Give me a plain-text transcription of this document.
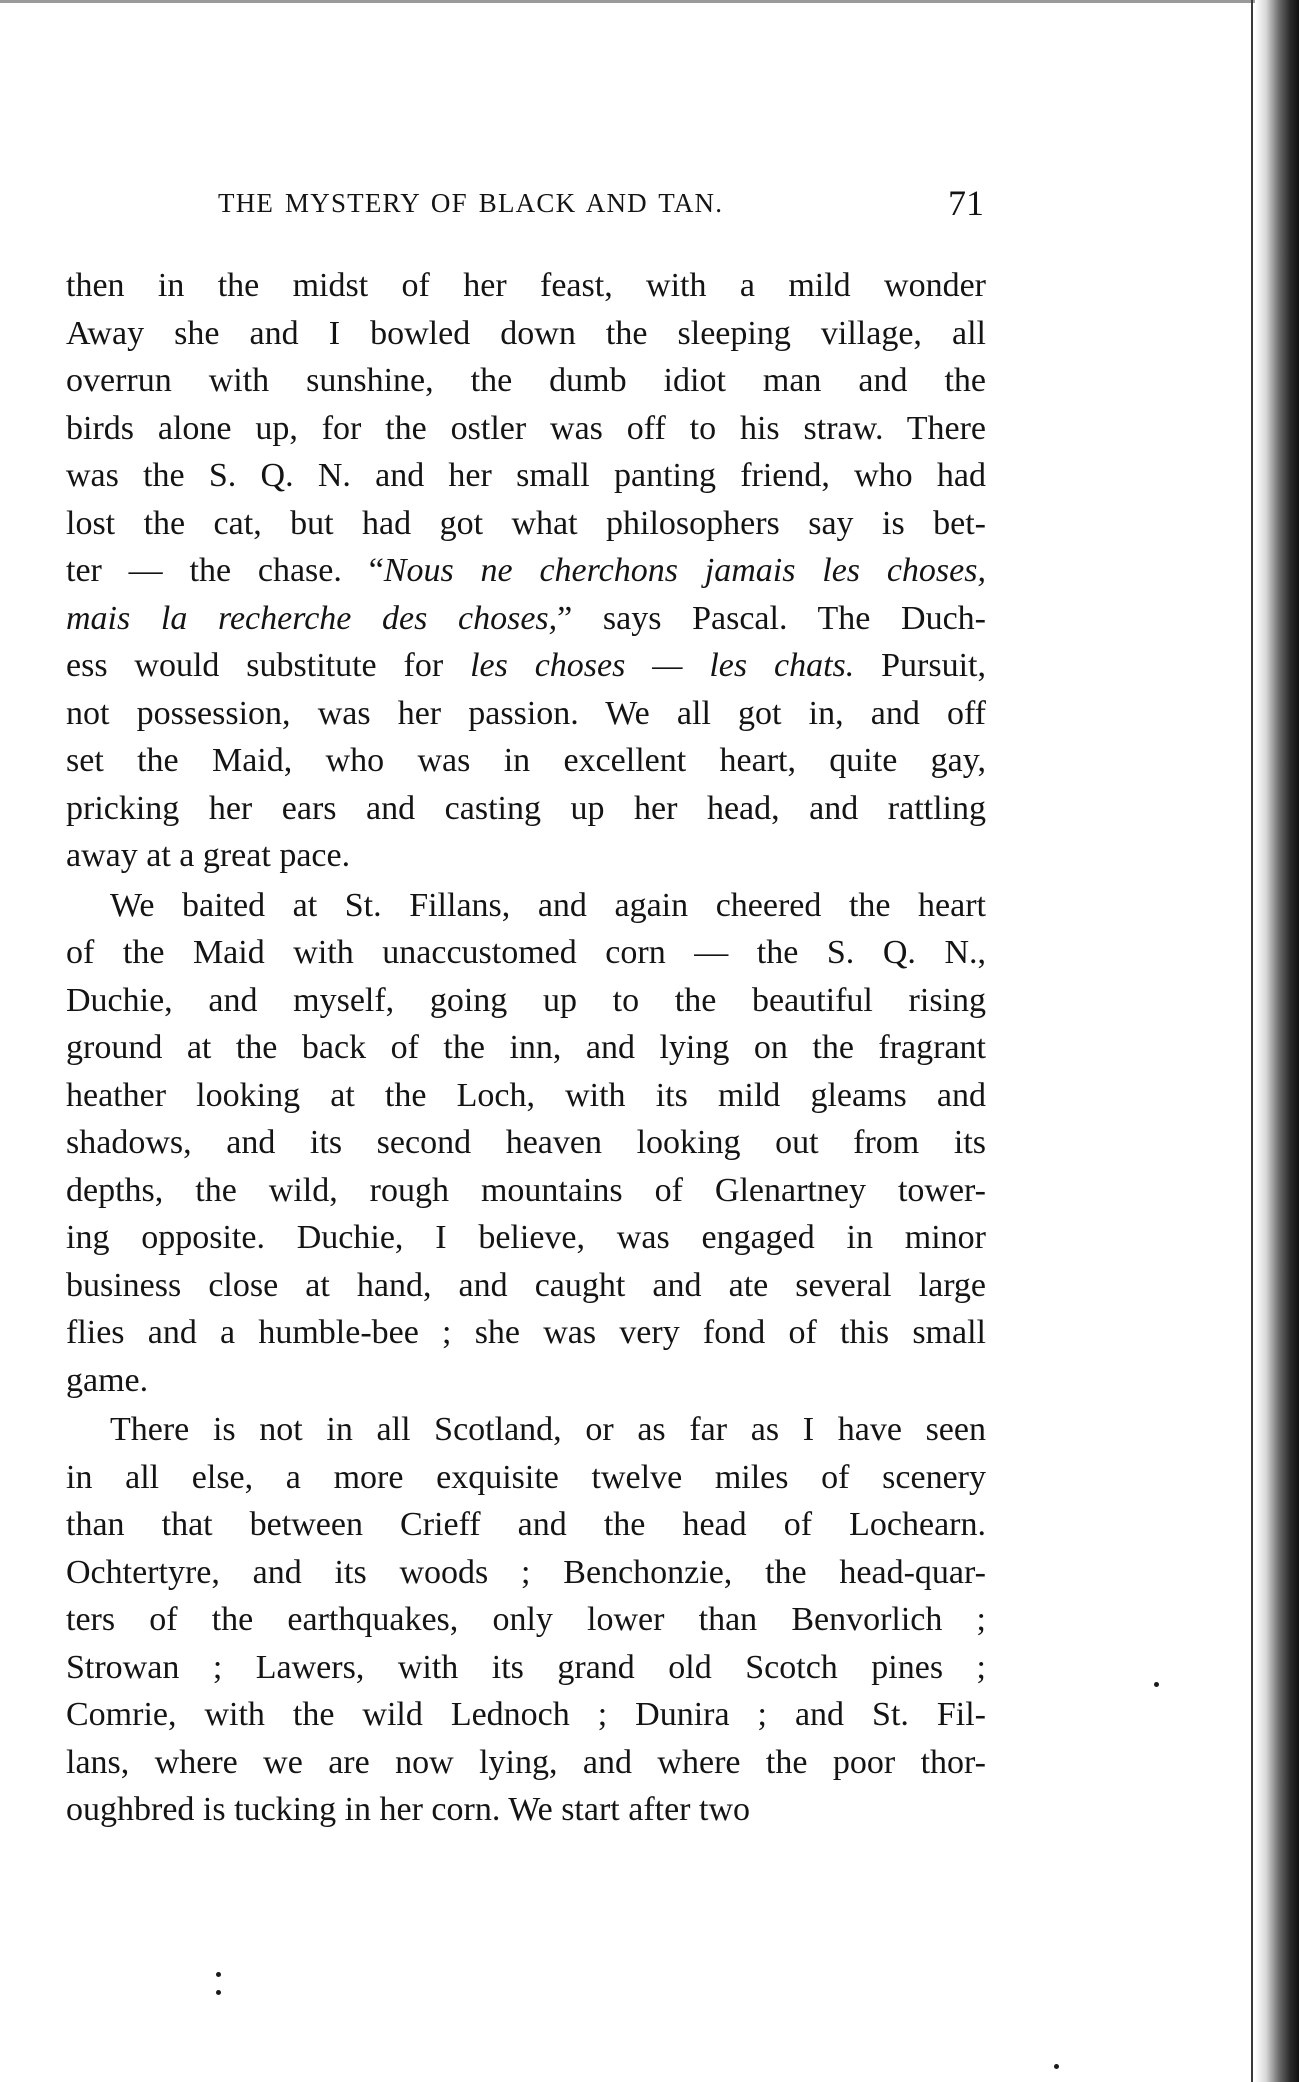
THE MYSTERY OF BLACK AND TAN.	71
then in the midst of her feast, with a mild wonder
Away she and I bowled down the sleeping village, all
overrun with sunshine, the dumb idiot man and the
birds alone up, for the ostler was off to his straw. There
was the S. Q. N. and her small panting friend, who had
lost the cat, but had got what philosophers say is bet-
ter — the chase. “Nous ne cherchons jamais les choses,
mais la recherche des choses,” says Pascal. The Duch-
ess would substitute for les choses — les chats. Pursuit,
not possession, was her passion. We all got in, and off
set the Maid, who was in excellent heart, quite gay,
pricking her ears and casting up her head, and rattling
away at a great pace.
We baited at St. Fillans, and again cheered the heart
of the Maid with unaccustomed corn — the S. Q. N.,
Duchie, and myself, going up to the beautiful rising
ground at the back of the inn, and lying on the fragrant
heather looking at the Loch, with its mild gleams and
shadows, and its second heaven looking out from its
depths, the wild, rough mountains of Glenartney tower-
ing opposite. Duchie, I believe, was engaged in minor
business close at hand, and caught and ate several large
flies and a humble-bee ; she was very fond of this small
game.
There is not in all Scotland, or as far as I have seen
in all else, a more exquisite twelve miles of scenery
than that between Crieff and the head of Lochearn.
Ochtertyre, and its woods ; Benchonzie, the head-quar-
ters of the earthquakes, only lower than Benvorlich ;
Strowan ; Lawers, with its grand old Scotch pines ;
Comrie, with the wild Lednoch ; Dunira ; and St. Fil-
lans, where we are now lying, and where the poor thor-
oughbred is tucking in her corn. We start after two
